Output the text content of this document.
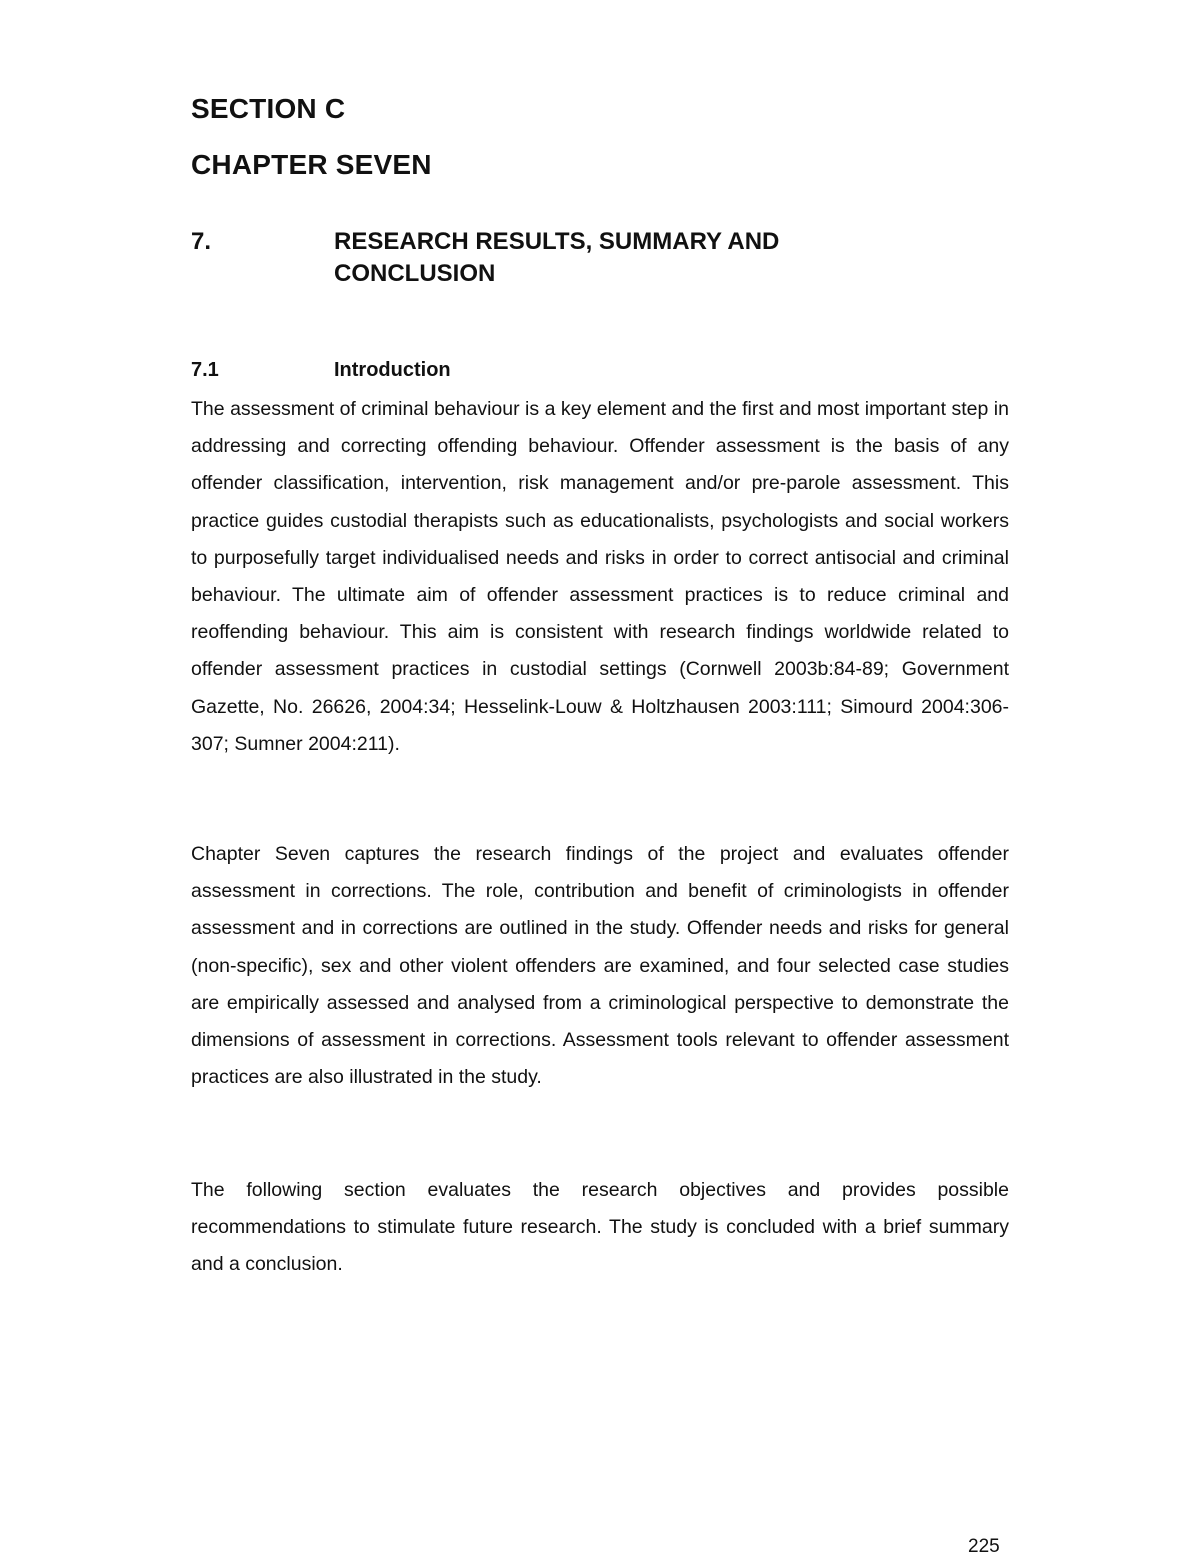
SECTION C
CHAPTER SEVEN
7.	RESEARCH RESULTS, SUMMARY AND CONCLUSION
7.1	Introduction

The assessment of criminal behaviour is a key element and the first and most important step in addressing and correcting offending behaviour. Offender assessment is the basis of any offender classification, intervention, risk management and/or pre-parole assessment. This practice guides custodial therapists such as educationalists, psychologists and social workers to purposefully target individualised needs and risks in order to correct antisocial and criminal behaviour. The ultimate aim of offender assessment practices is to reduce criminal and reoffending behaviour. This aim is consistent with research findings worldwide related to offender assessment practices in custodial settings (Cornwell 2003b:84-89; Government Gazette, No. 26626, 2004:34; Hesselink-Louw & Holtzhausen 2003:111; Simourd 2004:306-307; Sumner 2004:211).

Chapter Seven captures the research findings of the project and evaluates offender assessment in corrections. The role, contribution and benefit of criminologists in offender assessment and in corrections are outlined in the study. Offender needs and risks for general (non-specific), sex and other violent offenders are examined, and four selected case studies are empirically assessed and analysed from a criminological perspective to demonstrate the dimensions of assessment in corrections. Assessment tools relevant to offender assessment practices are also illustrated in the study.

The following section evaluates the research objectives and provides possible recommendations to stimulate future research. The study is concluded with a brief summary and a conclusion.

225
